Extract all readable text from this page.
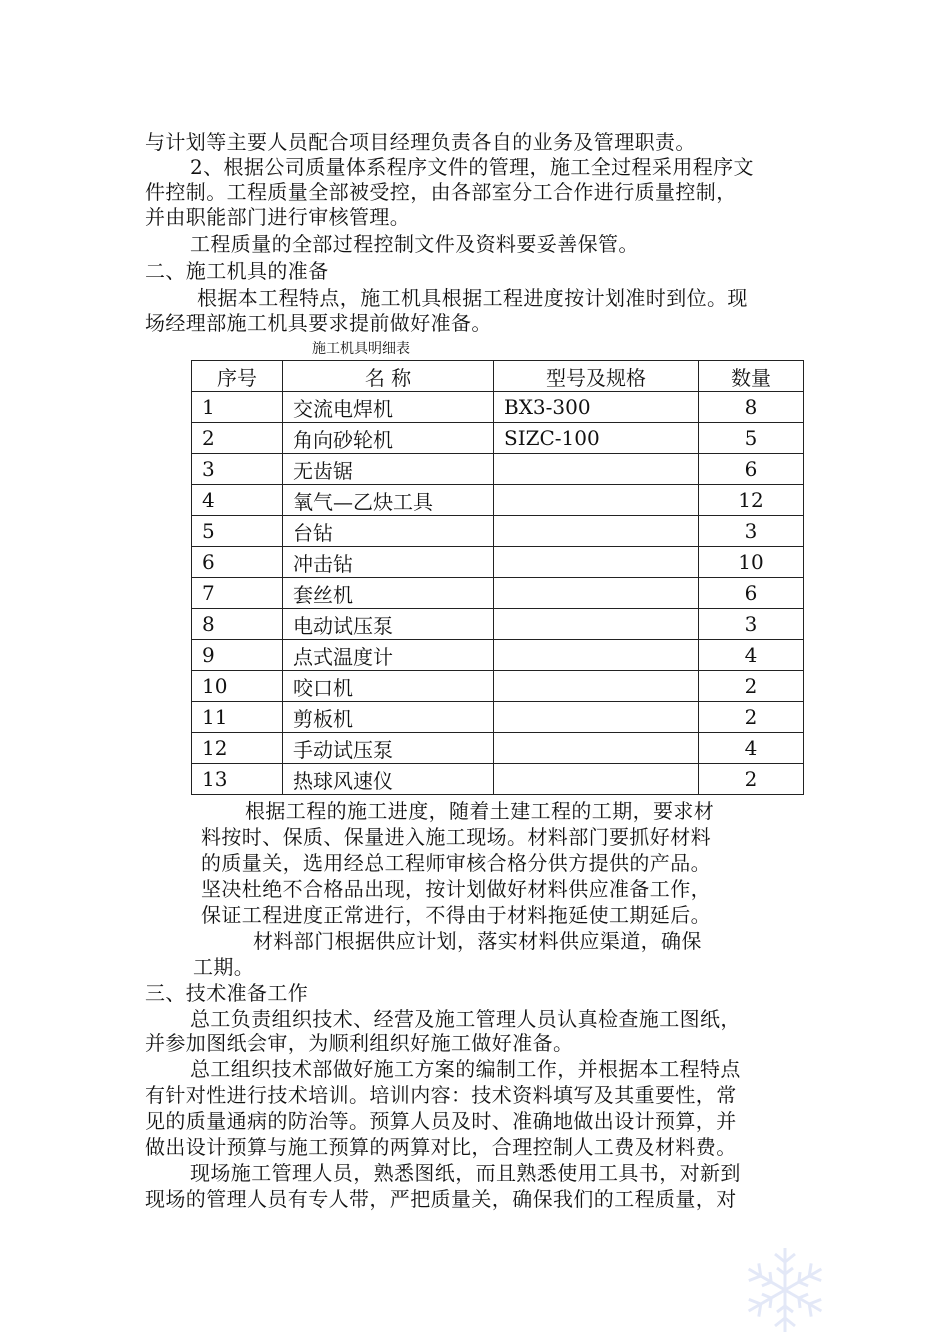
与计划等主要人员配合项目经理负责各自的业务及管理职责。
2、根据公司质量体系程序文件的管理，施工全过程采用程序文
件控制。工程质量全部被受控，由各部室分工合作进行质量控制，
并由职能部门进行审核管理。
工程质量的全部过程控制文件及资料要妥善保管。
二、施工机具的准备
根据本工程特点，施工机具根据工程进度按计划准时到位。现
场经理部施工机具要求提前做好准备。
施工机具明细表
序号	名 称	型号及规格	数量
1	交流电焊机	BX3-300	8
2	角向砂轮机	SIZC-100	5
3	无齿锯		6
4	氧气—乙炔工具		12
5	台钻		3
6	冲击钻		10
7	套丝机		6
8	电动试压泵		3
9	点式温度计		4
10	咬口机		2
11	剪板机		2
12	手动试压泵		4
13	热球风速仪		2
根据工程的施工进度，随着土建工程的工期，要求材
料按时、保质、保量进入施工现场。材料部门要抓好材料
的质量关，选用经总工程师审核合格分供方提供的产品。
坚决杜绝不合格品出现，按计划做好材料供应准备工作，
保证工程进度正常进行，不得由于材料拖延使工期延后。
材料部门根据供应计划，落实材料供应渠道，确保
工期。
三、技术准备工作
总工负责组织技术、经营及施工管理人员认真检查施工图纸，
并参加图纸会审，为顺利组织好施工做好准备。
总工组织技术部做好施工方案的编制工作，并根据本工程特点
有针对性进行技术培训。培训内容：技术资料填写及其重要性，常
见的质量通病的防治等。预算人员及时、准确地做出设计预算，并
做出设计预算与施工预算的两算对比，合理控制人工费及材料费。
现场施工管理人员，熟悉图纸，而且熟悉使用工具书，对新到
现场的管理人员有专人带，严把质量关，确保我们的工程质量，对
